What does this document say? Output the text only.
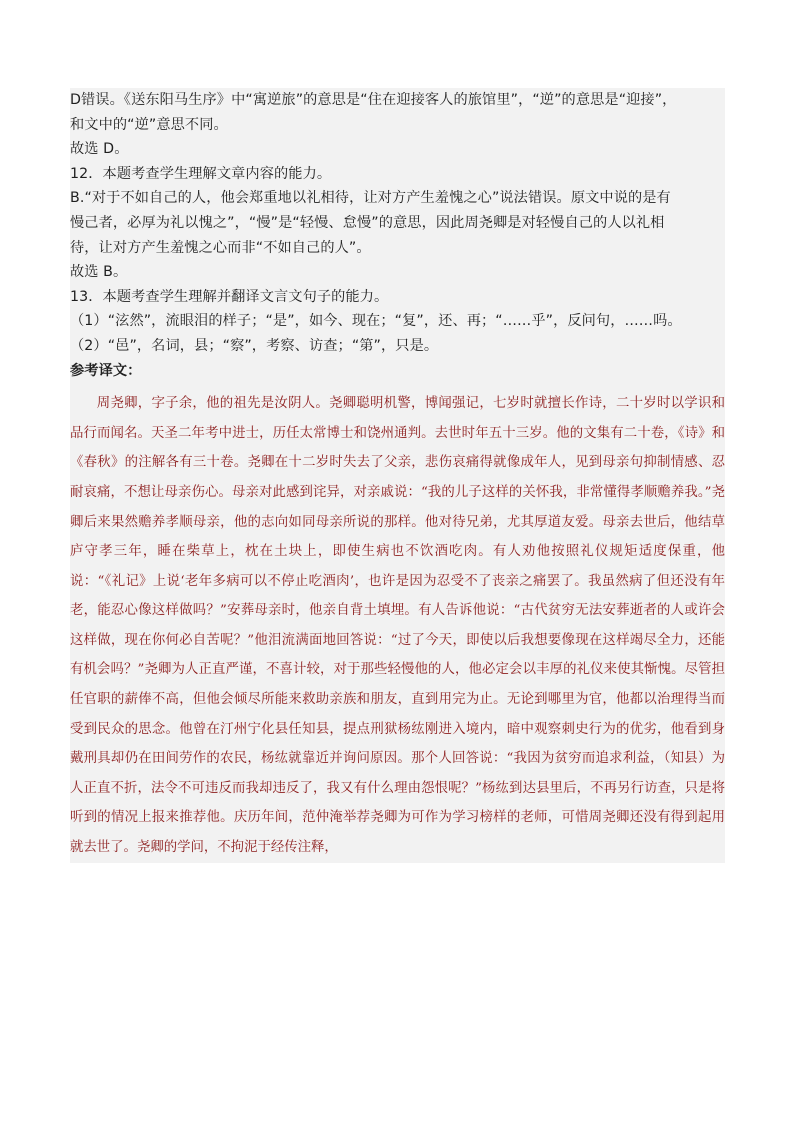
D错误。《送东阳马生序》中“寓逆旅”的意思是“住在迎接客人的旅馆里”，“逆”的意思是“迎接”，
和文中的“逆”意思不同。
故选 D。
12．本题考查学生理解文章内容的能力。
B.“对于不如自己的人，他会郑重地以礼相待，让对方产生羞愧之心”说法错误。原文中说的是有
慢己者，必厚为礼以愧之”，“慢”是“轻慢、怠慢”的意思，因此周尧卿是对轻慢自己的人以礼相
待，让对方产生羞愧之心而非“不如自己的人”。
故选 B。
13．本题考查学生理解并翻译文言文句子的能力。
（1）“泫然”，流眼泪的样子；“是”，如今、现在；“复”，还、再；“……乎”，反问句，……吗。
（2）“邑”，名词，县；“察”，考察、访查；“第”，只是。
参考译文：
周尧卿，字子余，他的祖先是汝阴人。尧卿聪明机警，博闻强记，七岁时就擅长作诗，二十岁时以学识和品行而闻名。天圣二年考中进士，历任太常博士和饶州通判。去世时年五十三岁。他的文集有二十卷，《诗》和《春秋》的注解各有三十卷。尧卿在十二岁时失去了父亲，悲伤哀痛得就像成年人，见到母亲句抑制情感、忍耐哀痛，不想让母亲伤心。母亲对此感到诧异，对亲戚说：“我的儿子这样的关怀我，非常懂得孝顺赡养我。”尧卿后来果然赡养孝顺母亲，他的志向如同母亲所说的那样。他对待兄弟，尤其厚道友爱。母亲去世后，他结草庐守孝三年，睡在柴草上，枕在土块上，即使生病也不饮酒吃肉。有人劝他按照礼仪规矩适度保重，他说：“《礼记》上说‘老年多病可以不停止吃酒肉’，也许是因为忍受不了丧亲之痛罢了。我虽然病了但还没有年老，能忍心像这样做吗？”安葬母亲时，他亲自背土填埋。有人告诉他说：“古代贫穷无法安葬逝者的人或许会这样做，现在你何必自苦呢？”他泪流满面地回答说：“过了今天，即使以后我想要像现在这样竭尽全力，还能有机会吗？”尧卿为人正直严谨，不喜计较，对于那些轻慢他的人，他必定会以丰厚的礼仪来使其惭愧。尽管担任官职的薪俸不高，但他会倾尽所能来救助亲族和朋友，直到用完为止。无论到哪里为官，他都以治理得当而受到民众的思念。他曾在汀州宁化县任知县，提点刑狱杨纮刚进入境内，暗中观察刺史行为的优劣，他看到身戴刑具却仍在田间劳作的农民，杨纮就靠近并询问原因。那个人回答说：“我因为贫穷而追求利益，（知县）为人正直不折，法令不可违反而我却违反了，我又有什么理由怨恨呢？”杨纮到达县里后，不再另行访查，只是将听到的情况上报来推荐他。庆历年间，范仲淹举荐尧卿为可作为学习榜样的老师，可惜周尧卿还没有得到起用就去世了。尧卿的学问，不拘泥于经传注释，
